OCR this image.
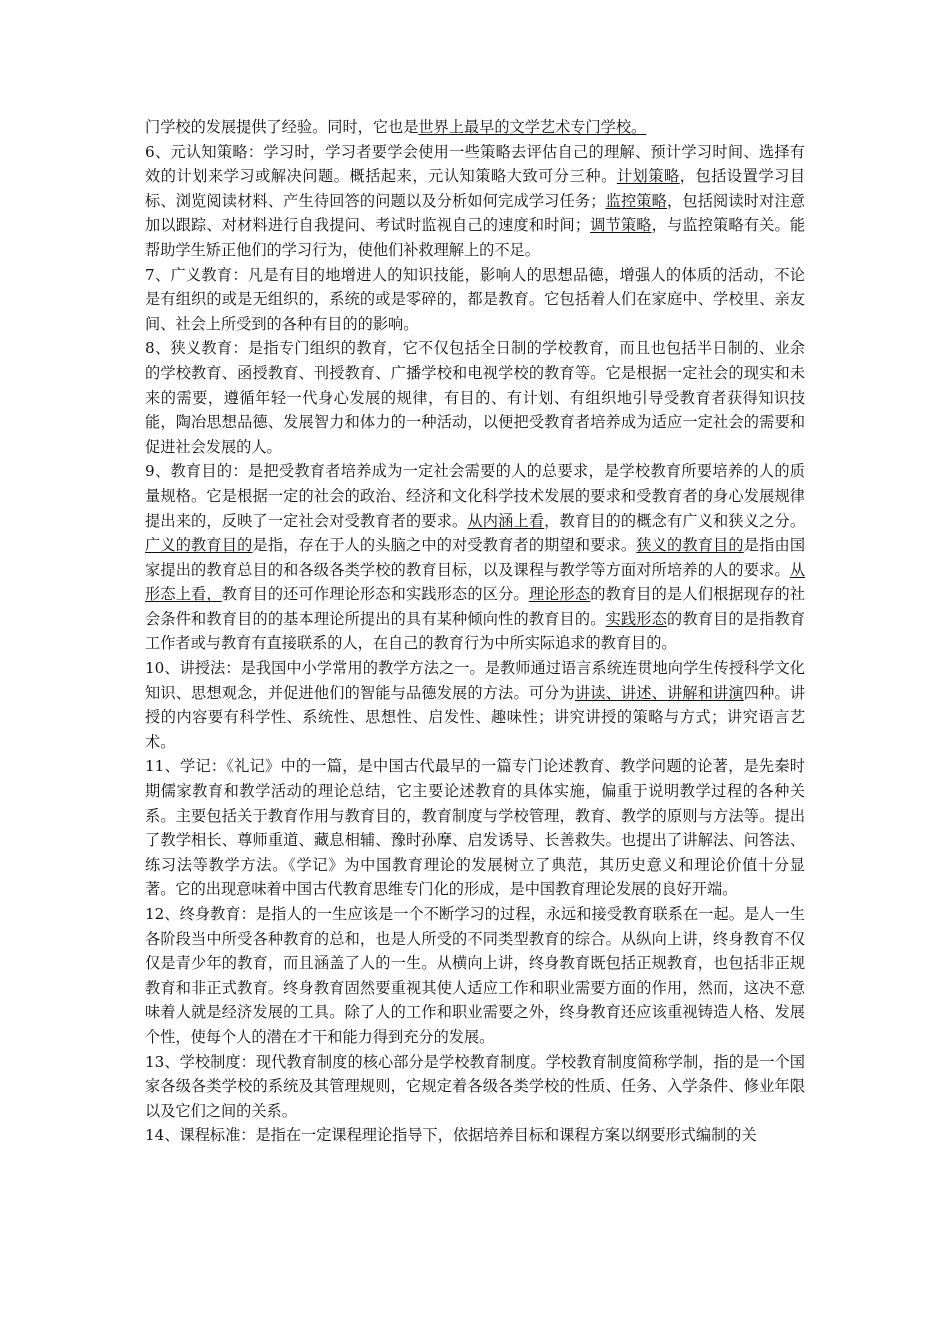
门学校的发展提供了经验。同时，它也是世界上最早的文学艺术专门学校。

6、元认知策略：学习时，学习者要学会使用一些策略去评估自己的理解、预计学习时间、选择有效的计划来学习或解决问题。概括起来，元认知策略大致可分三种。计划策略，包括设置学习目标、浏览阅读材料、产生待回答的问题以及分析如何完成学习任务；监控策略，包括阅读时对注意加以跟踪、对材料进行自我提问、考试时监视自己的速度和时间；调节策略，与监控策略有关。能帮助学生矫正他们的学习行为，使他们补救理解上的不足。

7、广义教育：凡是有目的地增进人的知识技能，影响人的思想品德，增强人的体质的活动，不论是有组织的或是无组织的，系统的或是零碎的，都是教育。它包括着人们在家庭中、学校里、亲友间、社会上所受到的各种有目的的影响。

8、狭义教育：是指专门组织的教育，它不仅包括全日制的学校教育，而且也包括半日制的、业余的学校教育、函授教育、刊授教育、广播学校和电视学校的教育等。它是根据一定社会的现实和未来的需要，遵循年轻一代身心发展的规律，有目的、有计划、有组织地引导受教育者获得知识技能，陶冶思想品德、发展智力和体力的一种活动，以便把受教育者培养成为适应一定社会的需要和促进社会发展的人。

9、教育目的：是把受教育者培养成为一定社会需要的人的总要求，是学校教育所要培养的人的质量规格。它是根据一定的社会的政治、经济和文化科学技术发展的要求和受教育者的身心发展规律提出来的，反映了一定社会对受教育者的要求。从内涵上看，教育目的的概念有广义和狭义之分。广义的教育目的是指，存在于人的头脑之中的对受教育者的期望和要求。狭义的教育目的是指由国家提出的教育总目的和各级各类学校的教育目标，以及课程与教学等方面对所培养的人的要求。从形态上看，教育目的还可作理论形态和实践形态的区分。理论形态的教育目的是人们根据现存的社会条件和教育目的的基本理论所提出的具有某种倾向性的教育目的。实践形态的教育目的是指教育工作者或与教育有直接联系的人，在自己的教育行为中所实际追求的教育目的。

10、讲授法：是我国中小学常用的教学方法之一。是教师通过语言系统连贯地向学生传授科学文化知识、思想观念，并促进他们的智能与品德发展的方法。可分为讲读、讲述、讲解和讲演四种。讲授的内容要有科学性、系统性、思想性、启发性、趣味性；讲究讲授的策略与方式；讲究语言艺术。

11、学记：《礼记》中的一篇，是中国古代最早的一篇专门论述教育、教学问题的论著，是先秦时期儒家教育和教学活动的理论总结，它主要论述教育的具体实施，偏重于说明教学过程的各种关系。主要包括关于教育作用与教育目的，教育制度与学校管理，教育、教学的原则与方法等。提出了教学相长、尊师重道、藏息相辅、豫时孙摩、启发诱导、长善救失。也提出了讲解法、问答法、练习法等教学方法。《学记》为中国教育理论的发展树立了典范，其历史意义和理论价值十分显著。它的出现意味着中国古代教育思维专门化的形成，是中国教育理论发展的良好开端。

12、终身教育：是指人的一生应该是一个不断学习的过程，永远和接受教育联系在一起。是人一生各阶段当中所受各种教育的总和，也是人所受的不同类型教育的综合。从纵向上讲，终身教育不仅仅是青少年的教育，而且涵盖了人的一生。从横向上讲，终身教育既包括正规教育，也包括非正规教育和非正式教育。终身教育固然要重视其使人适应工作和职业需要方面的作用，然而，这决不意味着人就是经济发展的工具。除了人的工作和职业需要之外，终身教育还应该重视铸造人格、发展个性，使每个人的潜在才干和能力得到充分的发展。

13、学校制度：现代教育制度的核心部分是学校教育制度。学校教育制度简称学制，指的是一个国家各级各类学校的系统及其管理规则，它规定着各级各类学校的性质、任务、入学条件、修业年限以及它们之间的关系。

14、课程标准：是指在一定课程理论指导下，依据培养目标和课程方案以纲要形式编制的关
